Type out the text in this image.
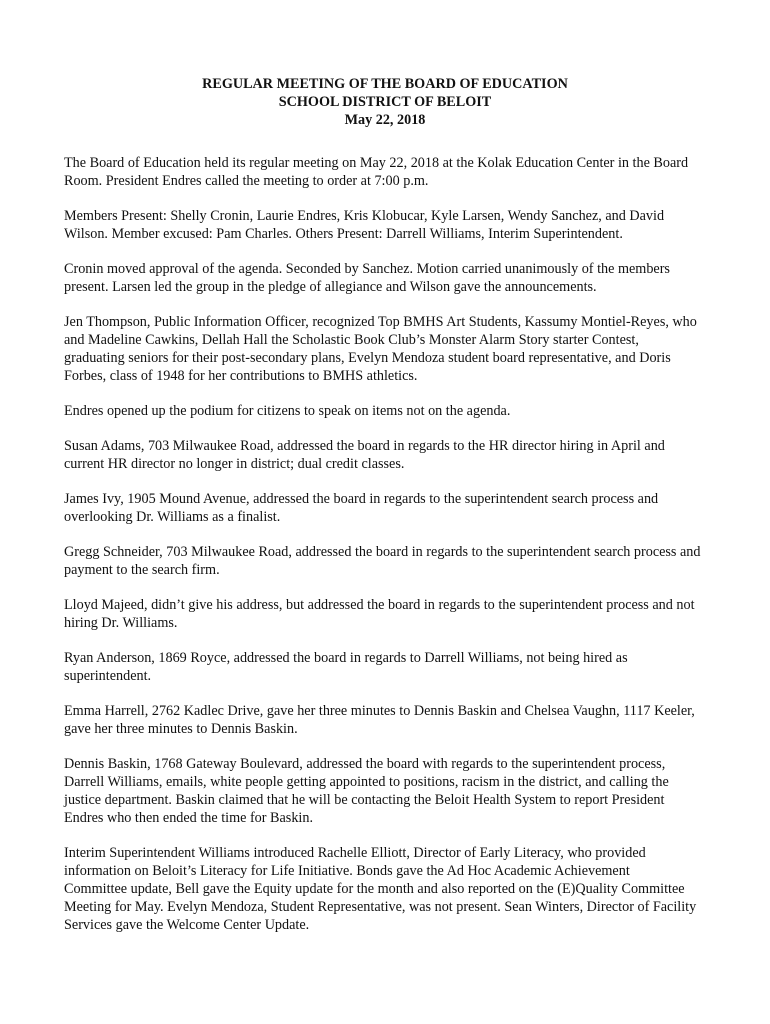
REGULAR MEETING OF THE BOARD OF EDUCATION
SCHOOL DISTRICT OF BELOIT
May 22, 2018
The Board of Education held its regular meeting on May 22, 2018 at the Kolak Education Center in the Board
Room. President Endres called the meeting to order at 7:00 p.m.
Members Present: Shelly Cronin, Laurie Endres, Kris Klobucar, Kyle Larsen, Wendy Sanchez, and David
Wilson. Member excused: Pam Charles. Others Present: Darrell Williams, Interim Superintendent.
Cronin moved approval of the agenda. Seconded by Sanchez. Motion carried unanimously of the members
present. Larsen led the group in the pledge of allegiance and Wilson gave the announcements.
Jen Thompson, Public Information Officer, recognized Top BMHS Art Students, Kassumy Montiel-Reyes, who
and Madeline Cawkins, Dellah Hall the Scholastic Book Club’s Monster Alarm Story starter Contest,
graduating seniors for their post-secondary plans, Evelyn Mendoza student board representative, and Doris
Forbes, class of 1948 for her contributions to BMHS athletics.
Endres opened up the podium for citizens to speak on items not on the agenda.
Susan Adams, 703 Milwaukee Road, addressed the board in regards to the HR director hiring in April and
current HR director no longer in district; dual credit classes.
James Ivy, 1905 Mound Avenue, addressed the board in regards to the superintendent search process and
overlooking Dr. Williams as a finalist.
Gregg Schneider, 703 Milwaukee Road, addressed the board in regards to the superintendent search process and
payment to the search firm.
Lloyd Majeed, didn’t give his address, but addressed the board in regards to the superintendent process and not
hiring Dr. Williams.
Ryan Anderson, 1869 Royce, addressed the board in regards to Darrell Williams, not being hired as
superintendent.
Emma Harrell, 2762 Kadlec Drive, gave her three minutes to Dennis Baskin and Chelsea Vaughn, 1117 Keeler,
gave her three minutes to Dennis Baskin.
Dennis Baskin, 1768 Gateway Boulevard, addressed the board with regards to the superintendent process,
Darrell Williams, emails, white people getting appointed to positions, racism in the district, and calling the
justice department. Baskin claimed that he will be contacting the Beloit Health System to report President
Endres who then ended the time for Baskin.
Interim Superintendent Williams introduced Rachelle Elliott, Director of Early Literacy, who provided
information on Beloit’s Literacy for Life Initiative. Bonds gave the Ad Hoc Academic Achievement
Committee update, Bell gave the Equity update for the month and also reported on the (E)Quality Committee
Meeting for May. Evelyn Mendoza, Student Representative, was not present. Sean Winters, Director of Facility
Services gave the Welcome Center Update.
